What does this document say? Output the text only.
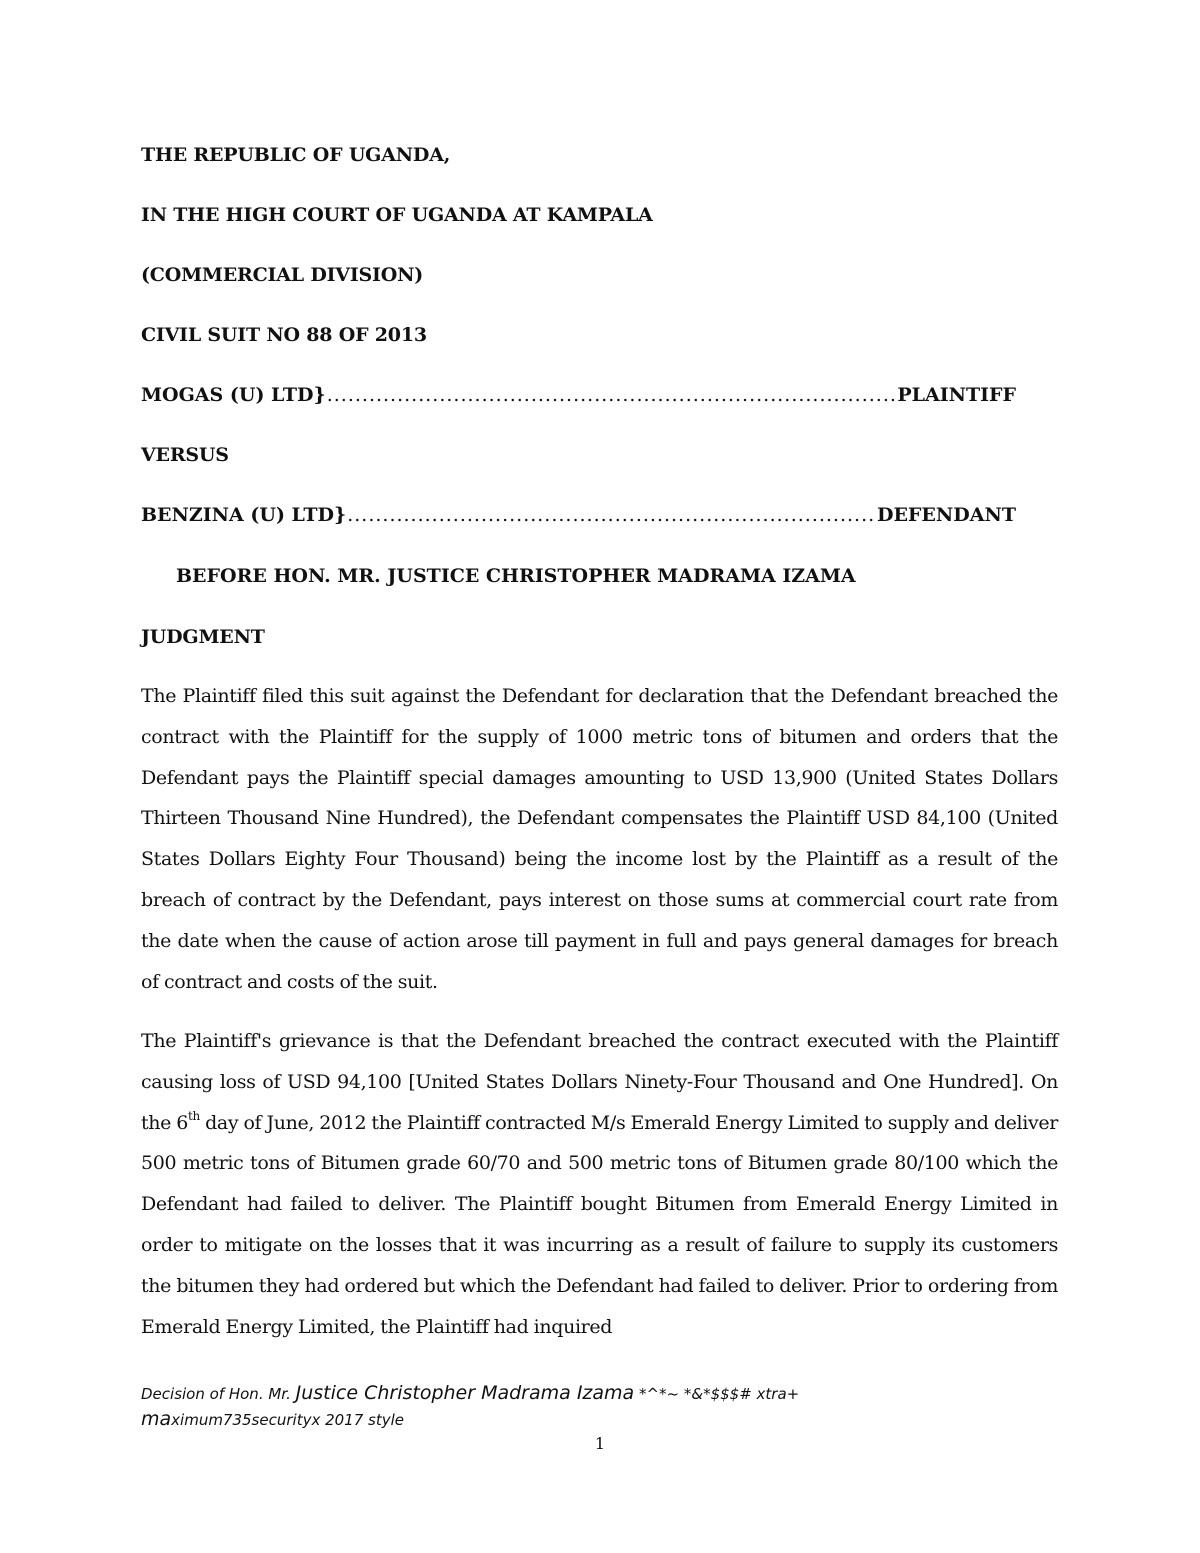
THE REPUBLIC OF UGANDA,
IN THE HIGH COURT OF UGANDA AT KAMPALA
(COMMERCIAL DIVISION)
CIVIL SUIT NO 88 OF 2013
MOGAS (U) LTD} .....	PLAINTIFF
VERSUS
BENZINA (U) LTD} .....	DEFENDANT
BEFORE HON. MR. JUSTICE CHRISTOPHER MADRAMA IZAMA
JUDGMENT
The Plaintiff filed this suit against the Defendant for declaration that the Defendant breached the contract with the Plaintiff for the supply of 1000 metric tons of bitumen and orders that the Defendant pays the Plaintiff special damages amounting to USD 13,900 (United States Dollars Thirteen Thousand Nine Hundred), the Defendant compensates the Plaintiff USD 84,100 (United States Dollars Eighty Four Thousand) being the income lost by the Plaintiff as a result of the breach of contract by the Defendant, pays interest on those sums at commercial court rate from the date when the cause of action arose till payment in full and pays general damages for breach of contract and costs of the suit.
The Plaintiff's grievance is that the Defendant breached the contract executed with the Plaintiff causing loss of USD 94,100 [United States Dollars Ninety-Four Thousand and One Hundred]. On the 6th day of June, 2012 the Plaintiff contracted M/s Emerald Energy Limited to supply and deliver 500 metric tons of Bitumen grade 60/70 and 500 metric tons of Bitumen grade 80/100 which the Defendant had failed to deliver. The Plaintiff bought Bitumen from Emerald Energy Limited in order to mitigate on the losses that it was incurring as a result of failure to supply its customers the bitumen they had ordered but which the Defendant had failed to deliver. Prior to ordering from Emerald Energy Limited, the Plaintiff had inquired
Decision of Hon. Mr. Justice Christopher Madrama Izama *^*~ *&*$$$# xtra+
maximum735securityx 2017 style
1
